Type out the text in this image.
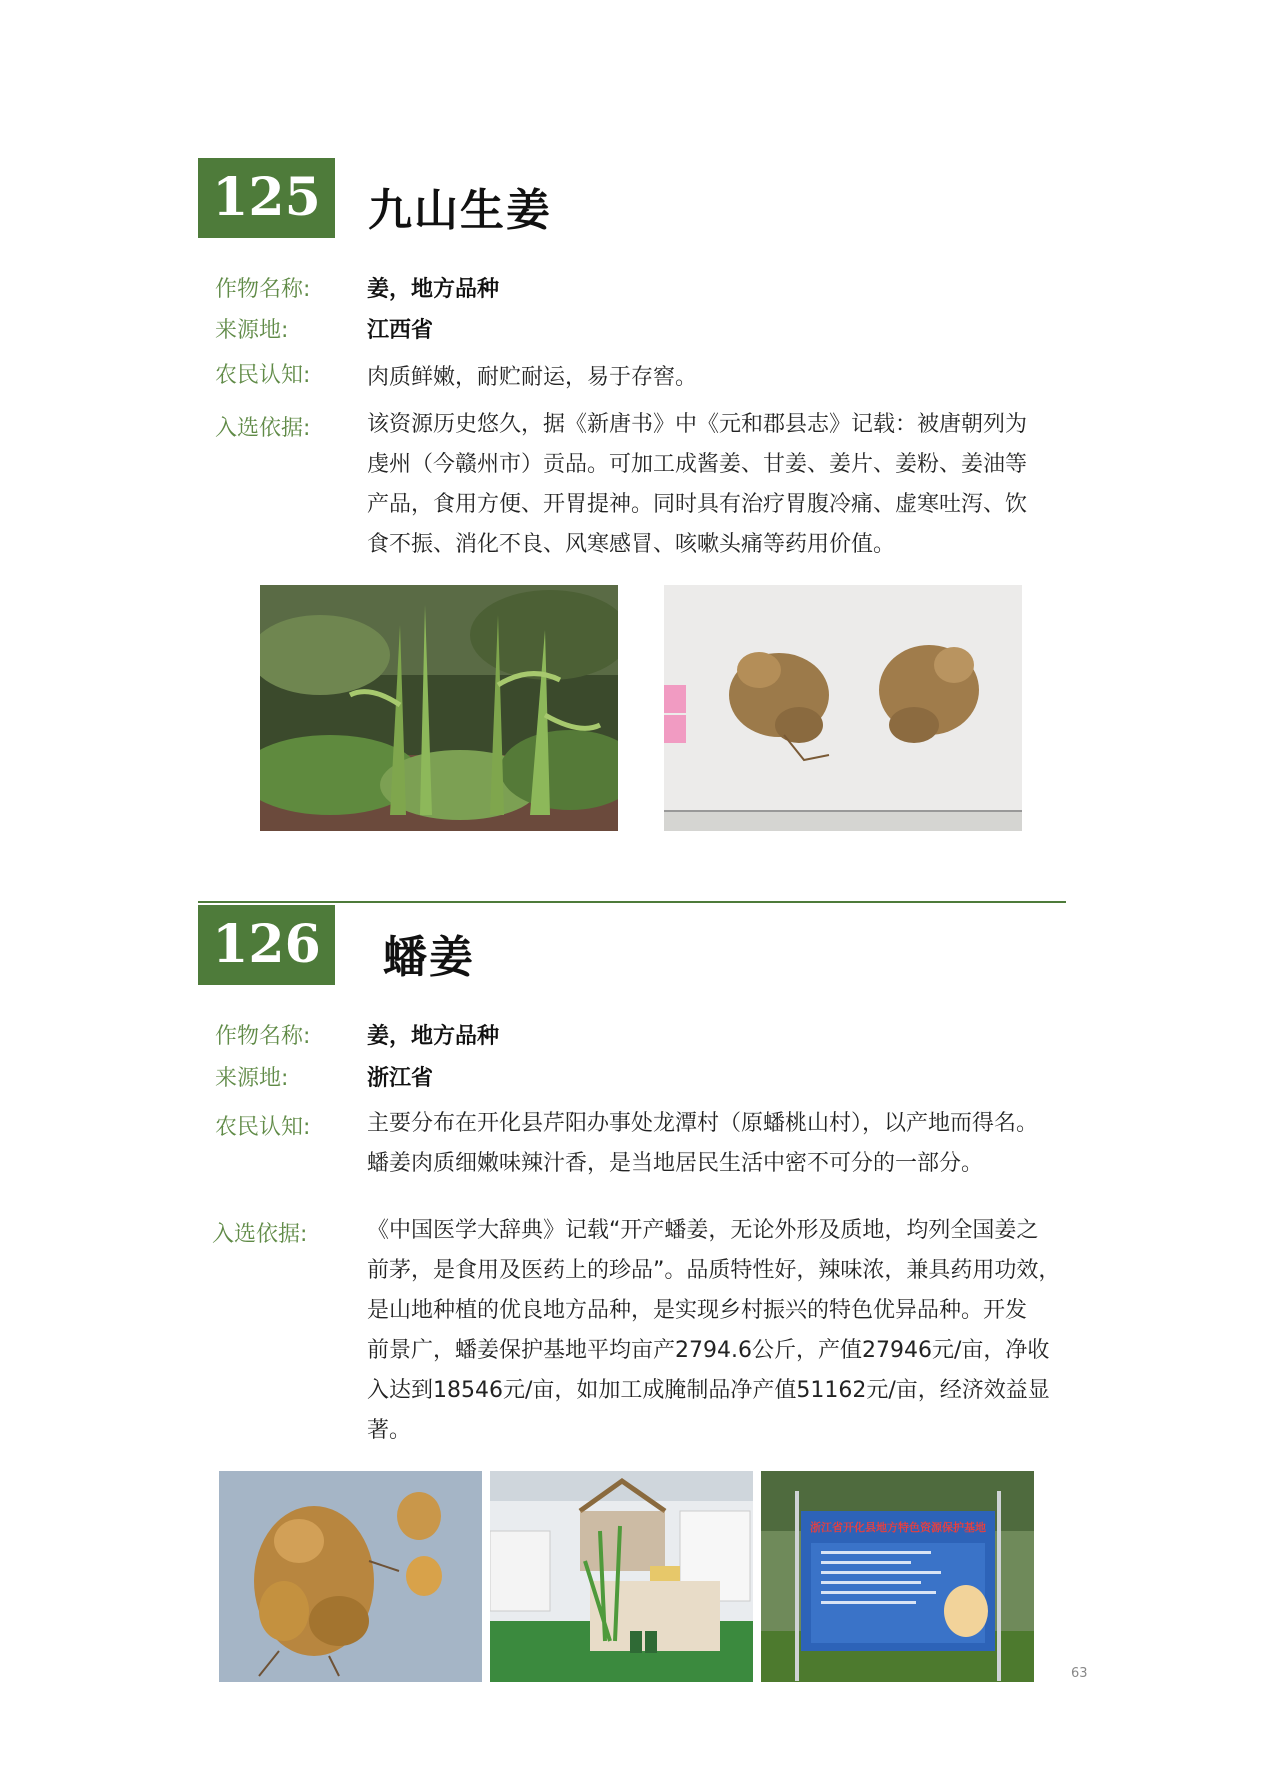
125	九山生姜
作物名称:	姜，地方品种
来源地:	江西省
农民认知:	肉质鲜嫩，耐贮耐运，易于存窖。
入选依据:	该资源历史悠久，据《新唐书》中《元和郡县志》记载：被唐朝列为
虔州（今赣州市）贡品。可加工成酱姜、甘姜、姜片、姜粉、姜油等
产品，食用方便、开胃提神。同时具有治疗胃腹冷痛、虚寒吐泻、饮
食不振、消化不良、风寒感冒、咳嗽头痛等药用价值。
126	蟠姜
作物名称:	姜，地方品种
来源地:	浙江省
农民认知:	主要分布在开化县芹阳办事处龙潭村（原蟠桃山村），以产地而得名。
蟠姜肉质细嫩味辣汁香，是当地居民生活中密不可分的一部分。
入选依据:	《中国医学大辞典》记载“开产蟠姜，无论外形及质地，均列全国姜之
前茅，是食用及医药上的珍品”。品质特性好，辣味浓，兼具药用功效，
是山地种植的优良地方品种，是实现乡村振兴的特色优异品种。开发
前景广，蟠姜保护基地平均亩产2794.6公斤，产值27946元/亩，净收
入达到18546元/亩，如加工成腌制品净产值51162元/亩，经济效益显著。
浙江省开化县地方特色资源保护基地
63
